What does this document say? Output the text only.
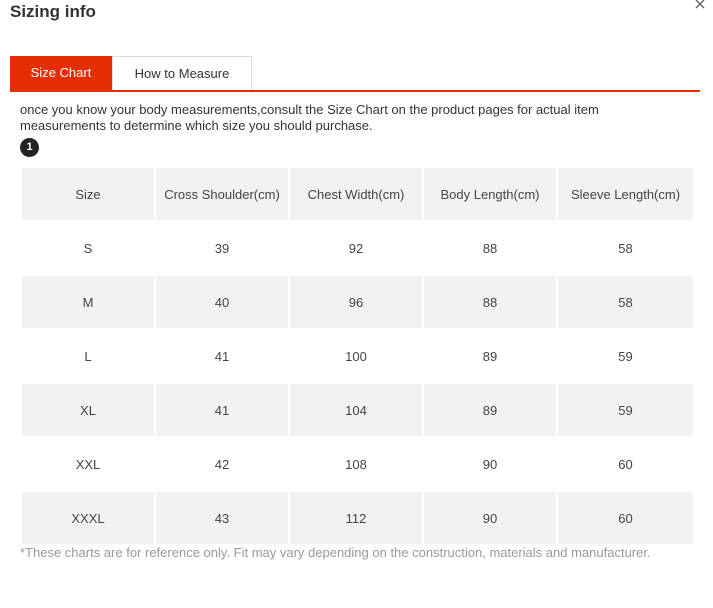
Sizing info
Size Chart	How to Measure
once you know your body measurements,consult the Size Chart on the product pages for actual item measurements to determine which size you should purchase.
1
Size	Cross Shoulder(cm)	Chest Width(cm)	Body Length(cm)	Sleeve Length(cm)
S	39	92	88	58
M	40	96	88	58
L	41	100	89	59
XL	41	104	89	59
XXL	42	108	90	60
XXXL	43	112	90	60
*These charts are for reference only. Fit may vary depending on the construction, materials and manufacturer.
